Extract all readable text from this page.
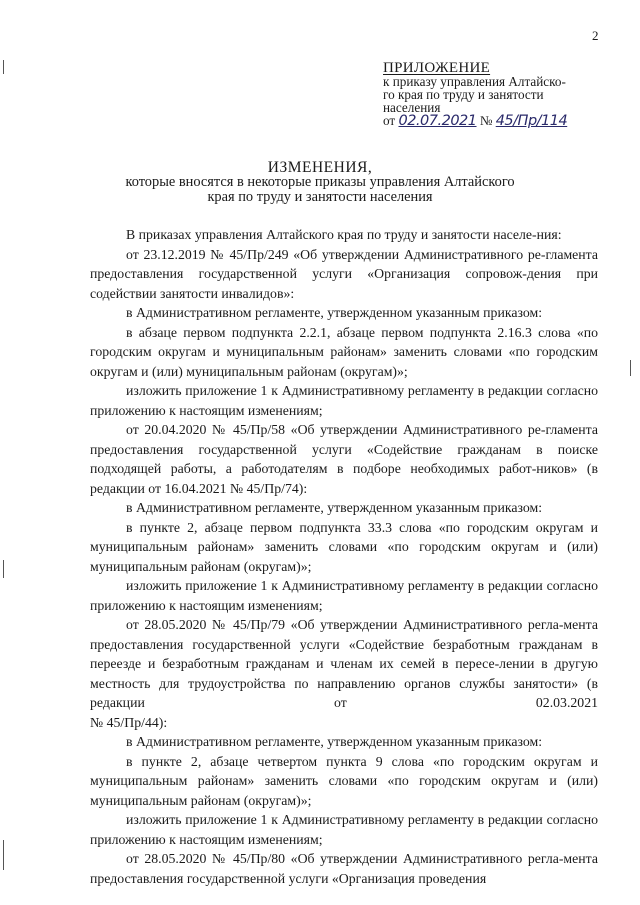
2
ПРИЛОЖЕНИЕ
к приказу управления Алтайско-
го края по труду и занятости
населения
от 02.07.2021 № 45/Пр/114
ИЗМЕНЕНИЯ,
которые вносятся в некоторые приказы управления Алтайского
края по труду и занятости населения

В приказах управления Алтайского края по труду и занятости населе-ния:

от 23.12.2019 № 45/Пр/249 «Об утверждении Административного ре-гламента предоставления государственной услуги «Организация сопровож-дения при содействии занятости инвалидов»:

в Административном регламенте, утвержденном указанным приказом:

в абзаце первом подпункта 2.2.1, абзаце первом подпункта 2.16.3 слова «по городским округам и муниципальным районам» заменить словами «по городским округам и (или) муниципальным районам (округам)»;

изложить приложение 1 к Административному регламенту в редакции согласно приложению к настоящим изменениям;

от 20.04.2020 № 45/Пр/58 «Об утверждении Административного ре-гламента предоставления государственной услуги «Содействие гражданам в поиске подходящей работы, а работодателям в подборе необходимых работ-ников» (в редакции от 16.04.2021 № 45/Пр/74):

в Административном регламенте, утвержденном указанным приказом:

в пункте 2, абзаце первом подпункта 33.3 слова «по городским округам и муниципальным районам» заменить словами «по городским округам и (или) муниципальным районам (округам)»;

изложить приложение 1 к Административному регламенту в редакции согласно приложению к настоящим изменениям;

от 28.05.2020 № 45/Пр/79 «Об утверждении Административного регла-мента предоставления государственной услуги «Содействие безработным гражданам в переезде и безработным гражданам и членам их семей в пересе-лении в другую местность для трудоустройства по направлению органов службы занятости» (в редакции от 02.03.2021

№ 45/Пр/44):

в Административном регламенте, утвержденном указанным приказом:

в пункте 2, абзаце четвертом пункта 9 слова «по городским округам и муниципальным районам» заменить словами «по городским округам и (или) муниципальным районам (округам)»;

изложить приложение 1 к Административному регламенту в редакции согласно приложению к настоящим изменениям;

от 28.05.2020 № 45/Пр/80 «Об утверждении Административного регла-мента предоставления государственной услуги «Организация проведения
